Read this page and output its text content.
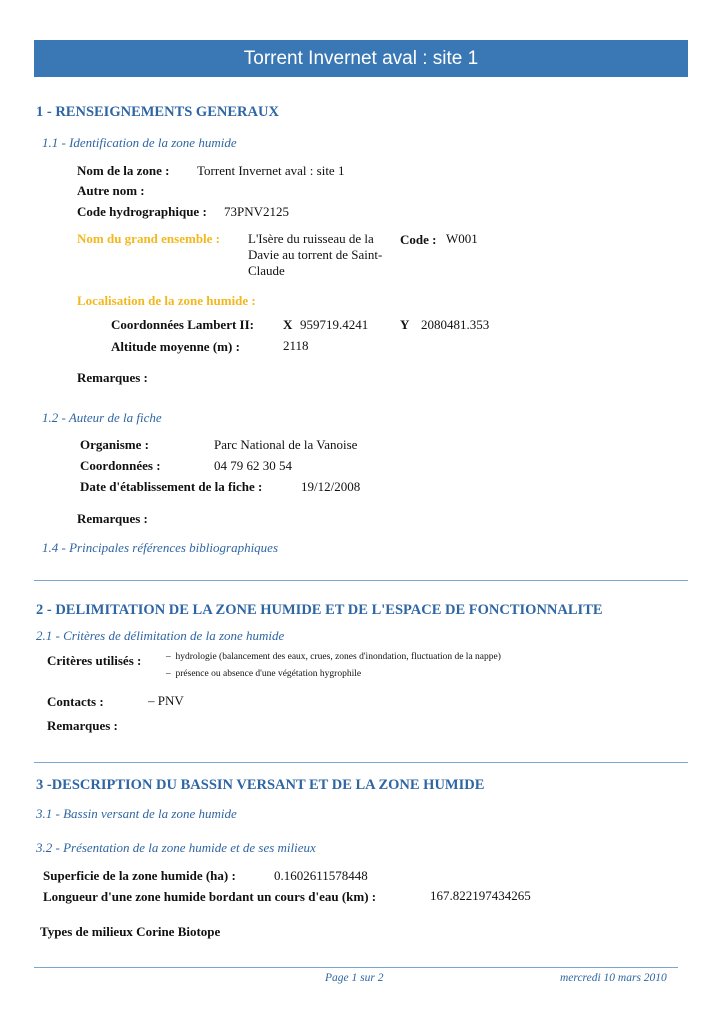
Torrent Invernet aval : site 1
1 - RENSEIGNEMENTS GENERAUX
1.1 - Identification de la zone humide
Nom de la zone : Torrent Invernet aval : site 1
Autre nom :
Code hydrographique : 73PNV2125
Nom du grand ensemble : L'Isère du ruisseau de la
Davie au torrent de Saint-
Claude
Code : W001
Localisation de la zone humide :
Coordonnées Lambert II: X 959719.4241 Y 2080481.353
Altitude moyenne (m) :	2118
Remarques :
1.2 - Auteur de la fiche
Organisme :	Parc National de la Vanoise
Coordonnées :	04 79 62 30 54
Date d'établissement de la fiche :	19/12/2008
Remarques :
1.4 - Principales références bibliographiques
2 - DELIMITATION DE LA ZONE HUMIDE ET DE L'ESPACE DE FONCTIONNALITE
2.1 - Critères de délimitation de la zone humide
Critères utilisés :	– hydrologie (balancement des eaux, crues, zones d'inondation, fluctuation de la nappe)
– présence ou absence d'une végétation hygrophile
Contacts :	– PNV
Remarques :
3 -DESCRIPTION DU BASSIN VERSANT ET DE LA ZONE HUMIDE
3.1 - Bassin versant de la zone humide
3.2 - Présentation de la zone humide et de ses milieux
Superficie de la zone humide (ha) :	0.1602611578448
Longueur d'une zone humide bordant un cours d'eau (km) :	167.822197434265
Types de milieux Corine Biotope
Page 1 sur 2	mercredi 10 mars 2010
